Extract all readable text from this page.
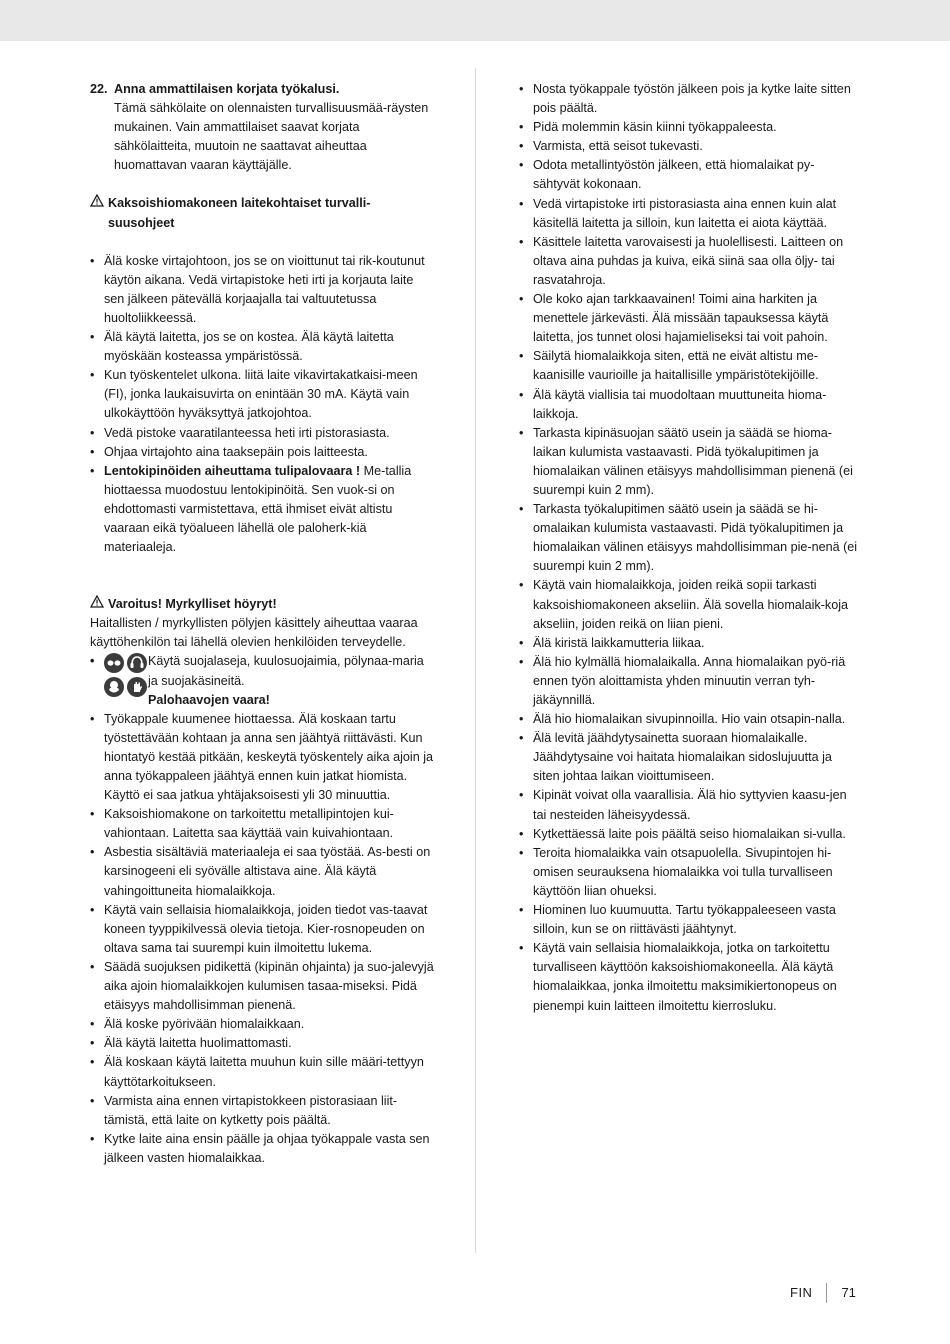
22. Anna ammattilaisen korjata työkalusi.
Tämä sähkölaite on olennaisten turvallisuusmää-räysten mukainen. Vain ammattilaiset saavat korjata sähkölaitteita, muutoin ne saattavat aiheuttaa huomattavan vaaran käyttäjälle.
Kaksoishiomakoneen laitekohtaiset turvalli-suusohjeet
• Älä koske virtajohtoon, jos se on vioittunut tai rik-koutunut käytön aikana. Vedä virtapistoke heti irti ja korjauta laite sen jälkeen pätevällä korjaajalla tai valtuutetussa huoltoliikkeessä.
• Älä käytä laitetta, jos se on kostea. Älä käytä laitetta myöskään kosteassa ympäristössä.
• Kun työskentelet ulkona. liitä laite vikavirtakatkaisi-meen (FI), jonka laukaisuvirta on enintään 30 mA. Käytä vain ulkokäyttöön hyväksyttyä jatkojohtoa.
• Vedä pistoke vaaratilanteessa heti irti pistorasiasta.
• Ohjaa virtajohto aina taaksepäin pois laitteesta.
• Lentokipinöiden aiheuttama tulipalovaara ! Me-tallia hiottaessa muodostuu lentokipinöitä. Sen vuok-si on ehdottomasti varmistettava, että ihmiset eivät altistu vaaraan eikä työalueen lähellä ole paloherk-kiä materiaaleja.
Varoitus! Myrkylliset höyryt!
Haitallisten / myrkyllisten pölyjen käsittely aiheuttaa vaaraa käyttöhenkilön tai lähellä olevien henkilöiden terveydelle.
•	Käytä suojalaseja, kuulosuojaimia, pölynaa-maria ja suojakäsineitä.
Palohaavojen vaara!
• Työkappale kuumenee hiottaessa. Älä koskaan tartu työstettävään kohtaan ja anna sen jäähtyä riittävästi. Kun hiontatyö kestää pitkään, keskeytä työskentely aika ajoin ja anna työkappaleen jäähtyä ennen kuin jatkat hiomista. Käyttö ei saa jatkua yhtäjaksoisesti yli 30 minuuttia.
• Kaksoishiomakone on tarkoitettu metallipintojen kui-vahiontaan. Laitetta saa käyttää vain kuivahiontaan.
• Asbestia sisältäviä materiaaleja ei saa työstää. As-besti on karsinogeeni eli syövälle altistava aine. Älä käytä vahingoittuneita hiomalaikkoja.
• Käytä vain sellaisia hiomalaikkoja, joiden tiedot vas-taavat koneen tyyppikilvessä olevia tietoja. Kier-rosnopeuden on oltava sama tai suurempi kuin ilmoitettu lukema.
• Säädä suojuksen pidikettä (kipinän ohjainta) ja suo-jalevyjä aika ajoin hiomalaikkojen kulumisen tasaa-miseksi. Pidä etäisyys mahdollisimman pienenä.
• Älä koske pyörivään hiomalaikkaan.
• Älä käytä laitetta huolimattomasti.
• Älä koskaan käytä laitetta muuhun kuin sille määri-tettyyn käyttötarkoitukseen.
• Varmista aina ennen virtapistokkeen pistorasiaan liit-tämistä, että laite on kytketty pois päältä.
• Kytke laite aina ensin päälle ja ohjaa työkappale vasta sen jälkeen vasten hiomalaikkaa.
• Nosta työkappale työstön jälkeen pois ja kytke laite sitten pois päältä.
• Pidä molemmin käsin kiinni työkappaleesta.
• Varmista, että seisot tukevasti.
• Odota metallintyöstön jälkeen, että hiomalaikat py-sähtyvät kokonaan.
• Vedä virtapistoke irti pistorasiasta aina ennen kuin alat käsitellä laitetta ja silloin, kun laitetta ei aiota käyttää.
• Käsittele laitetta varovaisesti ja huolellisesti. Laitteen on oltava aina puhdas ja kuiva, eikä siinä saa olla öljy- tai rasvatahroja.
• Ole koko ajan tarkkaavainen! Toimi aina harkiten ja menettele järkevästi. Älä missään tapauksessa käytä laitetta, jos tunnet olosi hajamieliseksi tai voit pahoin.
• Säilytä hiomalaikkoja siten, että ne eivät altistu me-kaanisille vaurioille ja haitallisille ympäristötekijöille.
• Älä käytä viallisia tai muodoltaan muuttuneita hioma-laikkoja.
• Tarkasta kipinäsuojan säätö usein ja säädä se hioma-laikan kulumista vastaavasti. Pidä työkalupitimen ja hiomalaikan välinen etäisyys mahdollisimman pienenä (ei suurempi kuin 2 mm).
• Tarkasta työkalupitimen säätö usein ja säädä se hi-omalaikan kulumista vastaavasti. Pidä työkalupitimen ja hiomalaikan välinen etäisyys mahdollisimman pie-nenä (ei suurempi kuin 2 mm).
• Käytä vain hiomalaikkoja, joiden reikä sopii tarkasti kaksoishiomakoneen akseliin. Älä sovella hiomalaik-koja akseliin, joiden reikä on liian pieni.
• Älä kiristä laikkamutteria liikaa.
• Älä hio kylmällä hiomalaikalla. Anna hiomalaikan pyö-riä ennen työn aloittamista yhden minuutin verran tyh-jäkäynnillä.
• Älä hio hiomalaikan sivupinnoilla. Hio vain otsapin-nalla.
• Älä levitä jäähdytysainetta suoraan hiomalaikalle. Jäähdytysaine voi haitata hiomalaikan sidoslujuutta ja siten johtaa laikan vioittumiseen.
• Kipinät voivat olla vaarallisia. Älä hio syttyvien kaasu-jen tai nesteiden läheisyydessä.
• Kytkettäessä laite pois päältä seiso hiomalaikan si-vulla.
• Teroita hiomalaikka vain otsapuolella. Sivupintojen hi-omisen seurauksena hiomalaikka voi tulla turvalliseen käyttöön liian ohueksi.
• Hiominen luo kuumuutta. Tartu työkappaleeseen vasta silloin, kun se on riittävästi jäähtynyt.
• Käytä vain sellaisia hiomalaikkoja, jotka on tarkoitettu turvalliseen käyttöön kaksoishiomakoneella. Älä käytä hiomalaikkaa, jonka ilmoitettu maksimikiertonopeus on pienempi kuin laitteen ilmoitettu kierrosluku.
FIN 71
